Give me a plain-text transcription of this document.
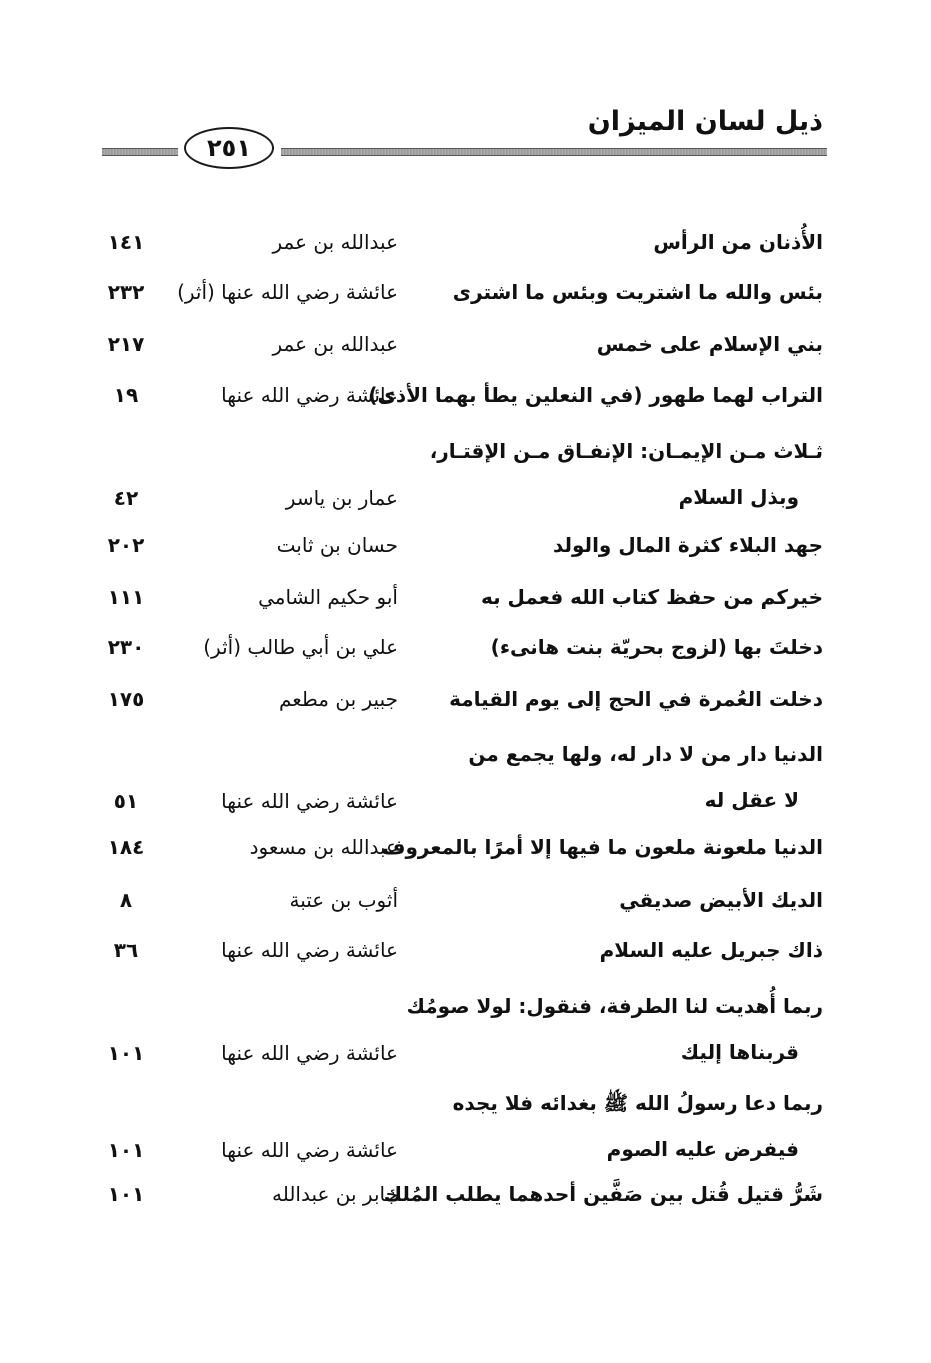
ذيل لسان الميزان
٢٥١
الأُذنان من الرأس
عبدالله بن عمر
١٤١
بئس والله ما اشتريت وبئس ما اشترى
عائشة رضي الله عنها (أثر)
٢٣٢
بني الإسلام على خمس
عبدالله بن عمر
٢١٧
التراب لهما طهور (في النعلين يطأ بهما الأذى)
عائشة رضي الله عنها
١٩
ثـلاث مـن الإيمـان: الإنفـاق مـن الإقتـار،
وبذل السلام
عمار بن ياسر
٤٢
جهد البلاء كثرة المال والولد
حسان بن ثابت
٢٠٢
خيركم من حفظ كتاب الله فعمل به
أبو حكيم الشامي
١١١
دخلتَ بها (لزوج بحريّة بنت هانىء)
علي بن أبي طالب (أثر)
٢٣٠
دخلت العُمرة في الحج إلى يوم القيامة
جبير بن مطعم
١٧٥
الدنيا دار من لا دار له، ولها يجمع من
لا عقل له
عائشة رضي الله عنها
٥١
الدنيا ملعونة ملعون ما فيها إلا أمرًا بالمعروف
عبدالله بن مسعود
١٨٤
الديك الأبيض صديقي
أثوب بن عتبة
٨
ذاك جبريل عليه السلام
عائشة رضي الله عنها
٣٦
ربما أُهديت لنا الطرفة، فنقول: لولا صومُك
قربناها إليك
عائشة رضي الله عنها
١٠١
ربما دعا رسولُ الله ﷺ بغدائه فلا يجده
فيفرض عليه الصوم
عائشة رضي الله عنها
١٠١
شَرُّ قتيل قُتل بين صَفَّين أحدهما يطلب المُلك
جابر بن عبدالله
١٠١
